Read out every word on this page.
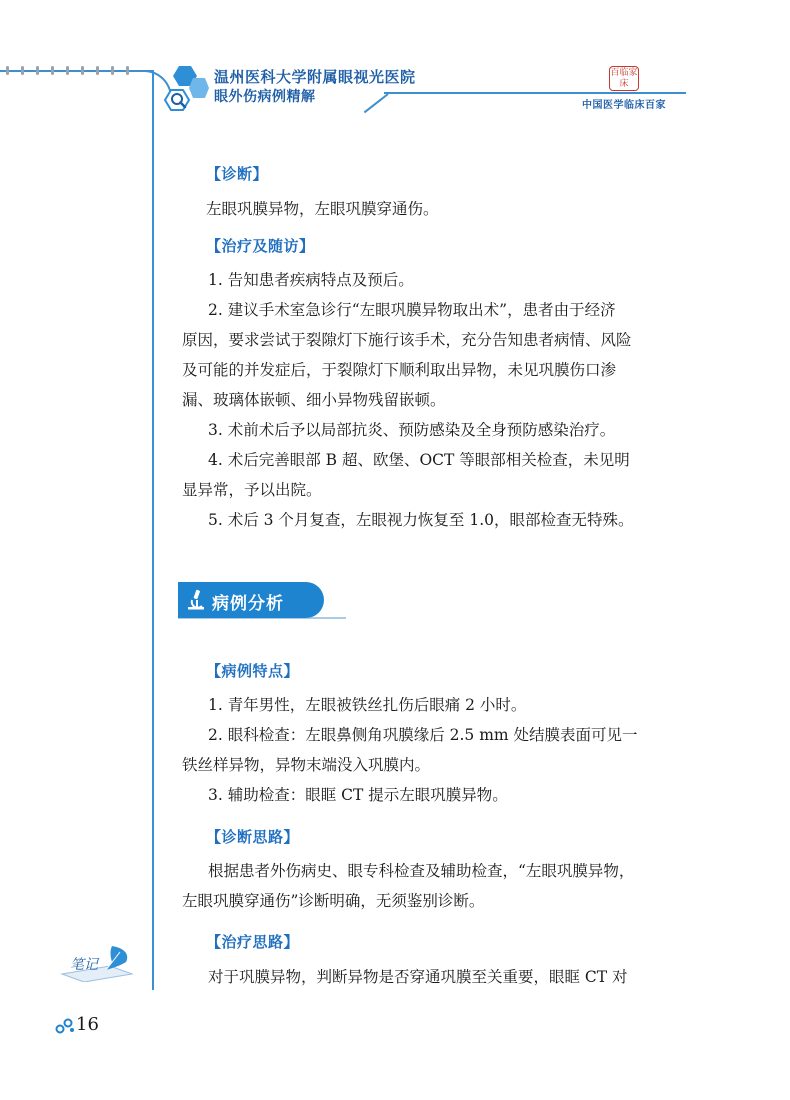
温州医科大学附属眼视光医院
眼外伤病例精解
百临家床
中国医学临床百家
【诊断】
左眼巩膜异物，左眼巩膜穿通伤。
【治疗及随访】
1. 告知患者疾病特点及预后。
2. 建议手术室急诊行“左眼巩膜异物取出术”，患者由于经济
原因，要求尝试于裂隙灯下施行该手术，充分告知患者病情、风险
及可能的并发症后，于裂隙灯下顺利取出异物，未见巩膜伤口渗
漏、玻璃体嵌顿、细小异物残留嵌顿。
3. 术前术后予以局部抗炎、预防感染及全身预防感染治疗。
4. 术后完善眼部 B 超、欧堡、OCT 等眼部相关检查，未见明
显异常，予以出院。
5. 术后 3 个月复查，左眼视力恢复至 1.0，眼部检查无特殊。
病例分析
【病例特点】
1. 青年男性，左眼被铁丝扎伤后眼痛 2 小时。
2. 眼科检查：左眼鼻侧角巩膜缘后 2.5 mm 处结膜表面可见一
铁丝样异物，异物末端没入巩膜内。
3. 辅助检查：眼眶 CT 提示左眼巩膜异物。
【诊断思路】
根据患者外伤病史、眼专科检查及辅助检查，“左眼巩膜异物，
左眼巩膜穿通伤”诊断明确，无须鉴别诊断。
【治疗思路】
对于巩膜异物，判断异物是否穿通巩膜至关重要，眼眶 CT 对
笔记
16
